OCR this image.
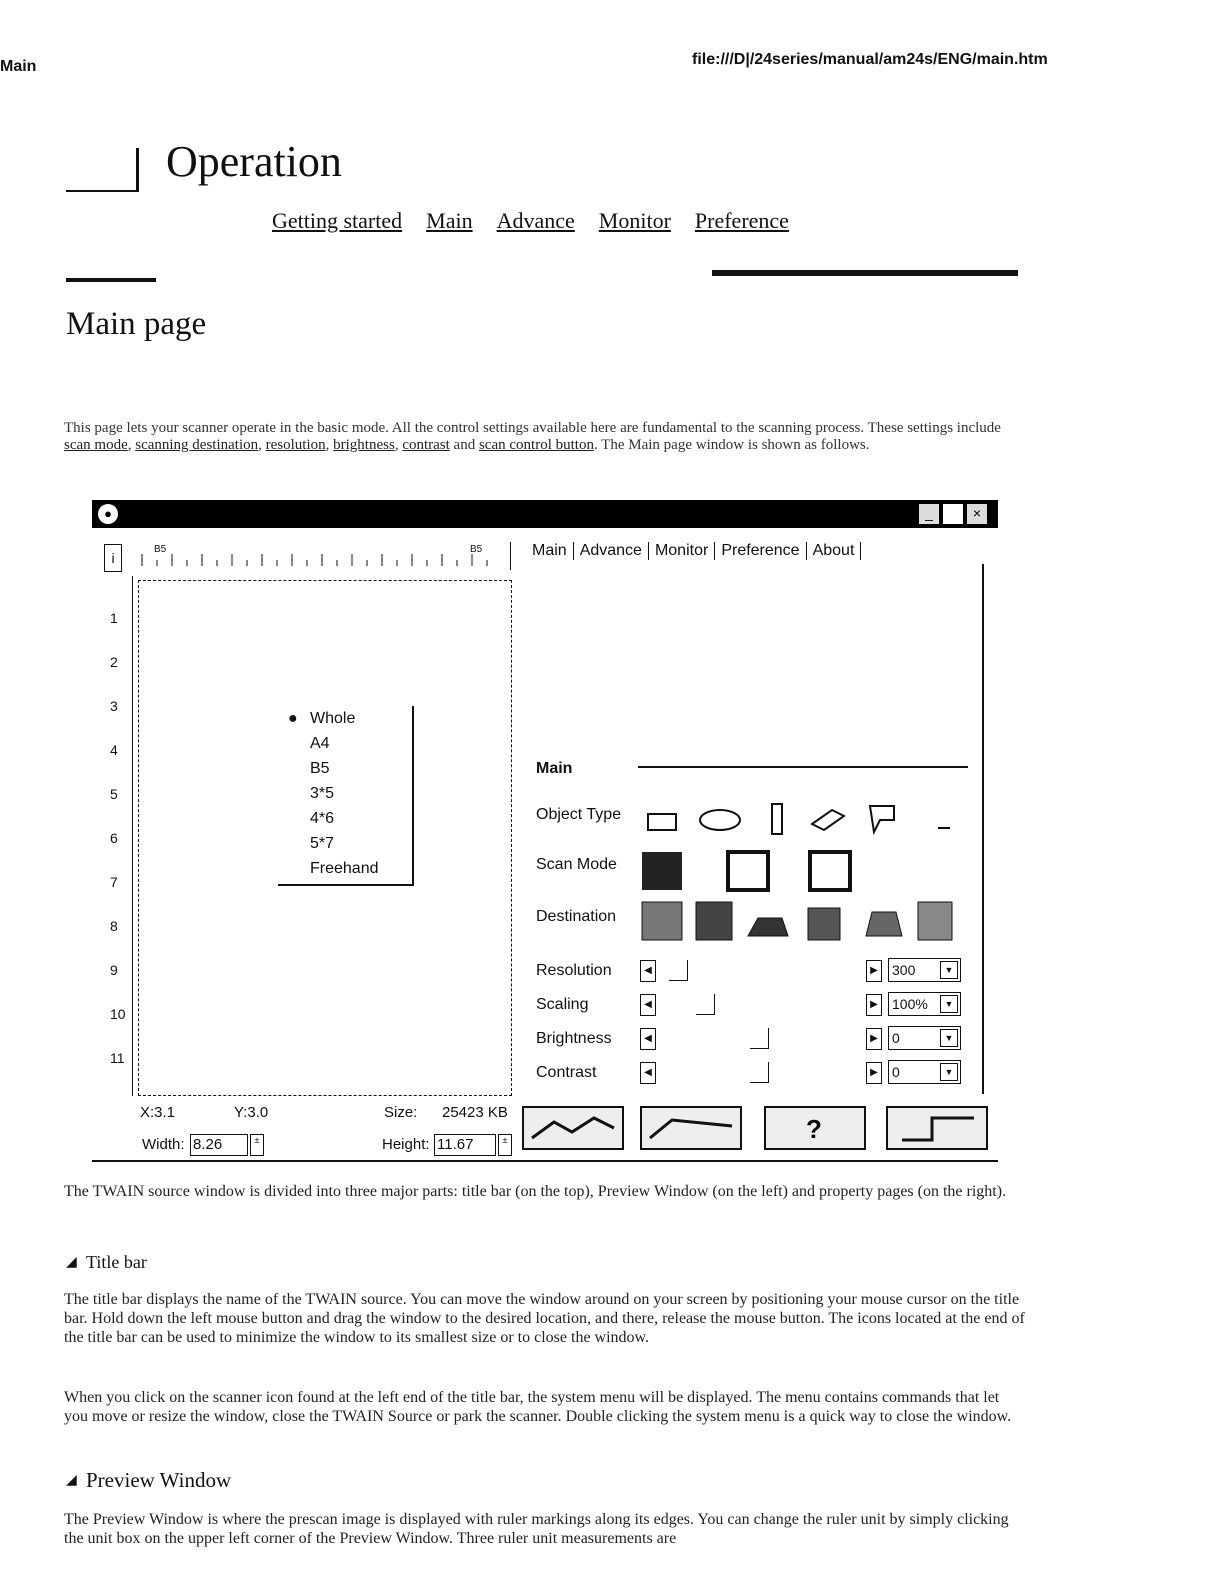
Main	file:///D|/24series/manual/am24s/ENG/main.htm
Operation
Getting started Main Advance Monitor Preference
Main page
This page lets your scanner operate in the basic mode. All the control settings available here are fundamental to the scanning process. These settings include scan mode, scanning destination, resolution, brightness, contrast and scan control button. The Main page window is shown as follows.
●	_	×
i
B5	B5
1
2
3
4
5
6
7
8
9
10
11
● Whole
A4
B5
3*5
4*6
5*7
Freehand
X:3.1	Y:3.0	Size: 25423 KB
Width: 8.26	±	Height: 11.67	±
Main Advance Monitor Preference About
Main
Object Type
Scan Mode
Destination
Resolution	◀	▶ 300	▼
Scaling	◀	▶ 100%	▼
Brightness	◀	▶ 0	▼
Contrast	◀	▶ 0	▼
?
The TWAIN source window is divided into three major parts: title bar (on the top), Preview Window (on the left) and property pages (on the right).
◢ Title bar
The title bar displays the name of the TWAIN source. You can move the window around on your screen by positioning your mouse cursor on the title bar. Hold down the left mouse button and drag the window to the desired location, and there, release the mouse button. The icons located at the end of the title bar can be used to minimize the window to its smallest size or to close the window.
When you click on the scanner icon found at the left end of the title bar, the system menu will be displayed. The menu contains commands that let you move or resize the window, close the TWAIN Source or park the scanner. Double clicking the system menu is a quick way to close the window.
◢ Preview Window
The Preview Window is where the prescan image is displayed with ruler markings along its edges. You can change the ruler unit by simply clicking the unit box on the upper left corner of the Preview Window. Three ruler unit measurements are
